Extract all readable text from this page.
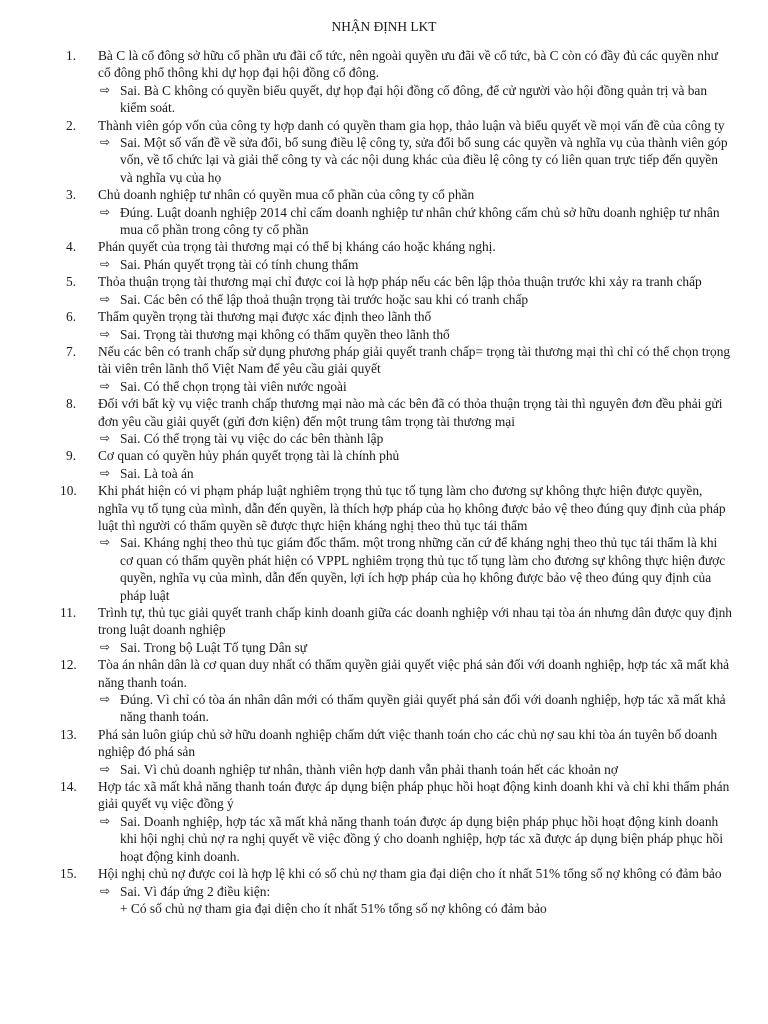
NHẬN ĐỊNH LKT
1.	Bà C là cổ đông sở hữu cổ phần ưu đãi cổ tức, nên ngoài quyền ưu đãi về cổ tức, bà C còn có đầy đủ các quyền như cổ đông phổ thông khi dự họp đại hội đồng cổ đông.
⇨ Sai. Bà C không có quyền biểu quyết, dự họp đại hội đồng cổ đông, để cử người vào hội đồng quản trị và ban kiểm soát.
2.	Thành viên góp vốn của công ty hợp danh có quyền tham gia họp, thảo luận và biểu quyết về mọi vấn đề của công ty
⇨ Sai. Một số vấn đề về sửa đổi, bổ sung điều lệ công ty, sửa đổi bổ sung các quyền và nghĩa vụ của thành viên góp vốn, về tổ chức lại và giải thể công ty và các nội dung khác của điều lệ công ty có liên quan trực tiếp đến quyền và nghĩa vụ của họ
3.	Chủ doanh nghiệp tư nhân có quyền mua cổ phần của công ty cổ phần
⇨ Đúng. Luật doanh nghiệp 2014 chỉ cấm doanh nghiệp tư nhân chứ không cấm chủ sở hữu doanh nghiệp tư nhân mua cổ phần trong công ty cổ phần
4.	Phán quyết của trọng tài thương mại có thể bị kháng cáo hoặc kháng nghị.
⇨ Sai. Phán quyết trọng tài có tính chung thẩm
5.	Thỏa thuận trọng tài thương mại chỉ được coi là hợp pháp nếu các bên lập thỏa thuận trước khi xảy ra tranh chấp
⇨ Sai. Các bên có thể lập thoả thuận trọng tài trước hoặc sau khi có tranh chấp
6.	Thẩm quyền trọng tài thương mại được xác định theo lãnh thổ
⇨ Sai. Trọng tài thương mại không có thẩm quyền theo lãnh thổ
7.	Nếu các bên có tranh chấp sử dụng phương pháp giải quyết tranh chấp= trọng tài thương mại thì chỉ có thể chọn trọng tài viên trên lãnh thổ Việt Nam để yêu cầu giải quyết
⇨ Sai. Có thể chọn trọng tài viên nước ngoài
8.	Đối với bất kỳ vụ việc tranh chấp thương mại nào mà các bên đã có thỏa thuận trọng tài thì nguyên đơn đều phải gửi đơn yêu cầu giải quyết (gửi đơn kiện) đến một trung tâm trọng tài thương mại
⇨ Sai. Có thể trọng tài vụ việc do các bên thành lập
9.	Cơ quan có quyền hủy phán quyết trọng tài là chính phủ
⇨ Sai. Là toà án
10.	Khi phát hiện có vi phạm pháp luật nghiêm trọng thủ tục tố tụng làm cho đương sự không thực hiện được quyền, nghĩa vụ tố tụng của mình, dẫn đến quyền, là thích hợp pháp của họ không được bảo vệ theo đúng quy định của pháp luật thì người có thẩm quyền sẽ được thực hiện kháng nghị theo thủ tục tái thẩm
⇨ Sai. Kháng nghị theo thủ tục giám đốc thẩm. một trong những căn cứ để kháng nghị theo thủ tục tái thẩm là khi cơ quan có thẩm quyền phát hiện có VPPL nghiêm trọng thủ tục tố tụng làm cho đương sự không thực hiện được quyền, nghĩa vụ của mình, dẫn đến quyền, lợi ích hợp pháp của họ không được bảo vệ theo đúng quy định của pháp luật
11.	Trình tự, thủ tục giải quyết tranh chấp kinh doanh giữa các doanh nghiệp với nhau tại tòa án nhưng dân được quy định trong luật doanh nghiệp
⇨ Sai. Trong bộ Luật Tố tụng Dân sự
12.	Tòa án nhân dân là cơ quan duy nhất có thẩm quyền giải quyết việc phá sản đối với doanh nghiệp, hợp tác xã mất khả năng thanh toán.
⇨ Đúng. Vì chỉ có tòa án nhân dân mới có thẩm quyền giải quyết phá sản đối với doanh nghiệp, hợp tác xã mất khả năng thanh toán.
13.	Phá sản luôn giúp chủ sở hữu doanh nghiệp chấm dứt việc thanh toán cho các chủ nợ sau khi tòa án tuyên bố doanh nghiệp đó phá sản
⇨ Sai. Vì chủ doanh nghiệp tư nhân, thành viên hợp danh vẫn phải thanh toán hết các khoản nợ
14.	Hợp tác xã mất khả năng thanh toán được áp dụng biện pháp phục hồi hoạt động kinh doanh khi và chỉ khi thẩm phán giải quyết vụ việc đồng ý
⇨ Sai. Doanh nghiệp, hợp tác xã mất khả năng thanh toán được áp dụng biện pháp phục hồi hoạt động kinh doanh khi hội nghị chủ nợ ra nghị quyết về việc đồng ý cho doanh nghiệp, hợp tác xã được áp dụng biện pháp phục hồi hoạt động kinh doanh.
15.	Hội nghị chủ nợ được coi là hợp lệ khi có số chủ nợ tham gia đại diện cho ít nhất 51% tổng số nợ không có đảm bảo
⇨ Sai. Vì đáp ứng 2 điều kiện:
+ Có số chủ nợ tham gia đại diện cho ít nhất 51% tổng số nợ không có đảm bảo
